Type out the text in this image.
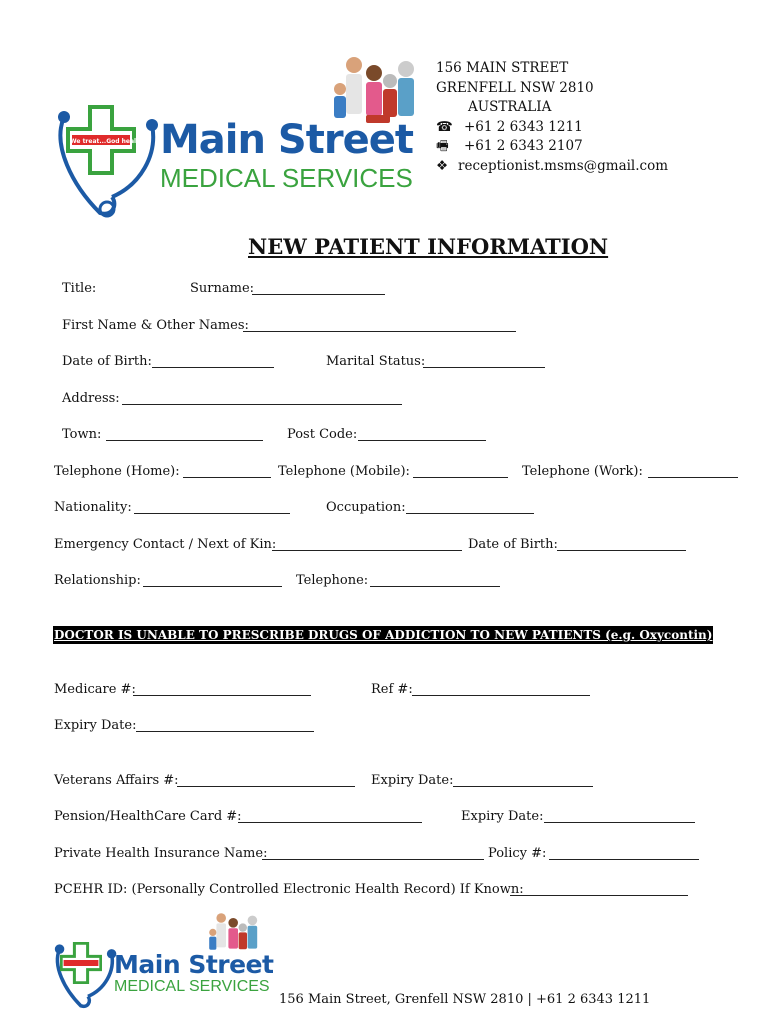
We treat...God heals Main Street
MEDICAL SERVICES
156 MAIN STREET
GRENFELL NSW 2810
AUSTRALIA
☎ +61 2 6343 1211
🖷 +61 2 6343 2107
❖ receptionist.msms@gmail.com
NEW PATIENT INFORMATION
Title:	Surname:
First Name & Other Names:
Date of Birth:	Marital Status:
Address:
Town:	Post Code:
Telephone (Home):	Telephone (Mobile):	Telephone (Work):
Nationality:	Occupation:
Emergency Contact / Next of Kin:	Date of Birth:
Relationship:	Telephone:
DOCTOR IS UNABLE TO PRESCRIBE DRUGS OF ADDICTION TO NEW PATIENTS (e.g. Oxycontin)
Medicare #:	Ref #:
Expiry Date:
Veterans Affairs #:	Expiry Date:
Pension/HealthCare Card #:	Expiry Date:
Private Health Insurance Name:	Policy #:
PCEHR ID: (Personally Controlled Electronic Health Record) If Known:
Main Street
MEDICAL SERVICES
156 Main Street, Grenfell NSW 2810 | +61 2 6343 1211
